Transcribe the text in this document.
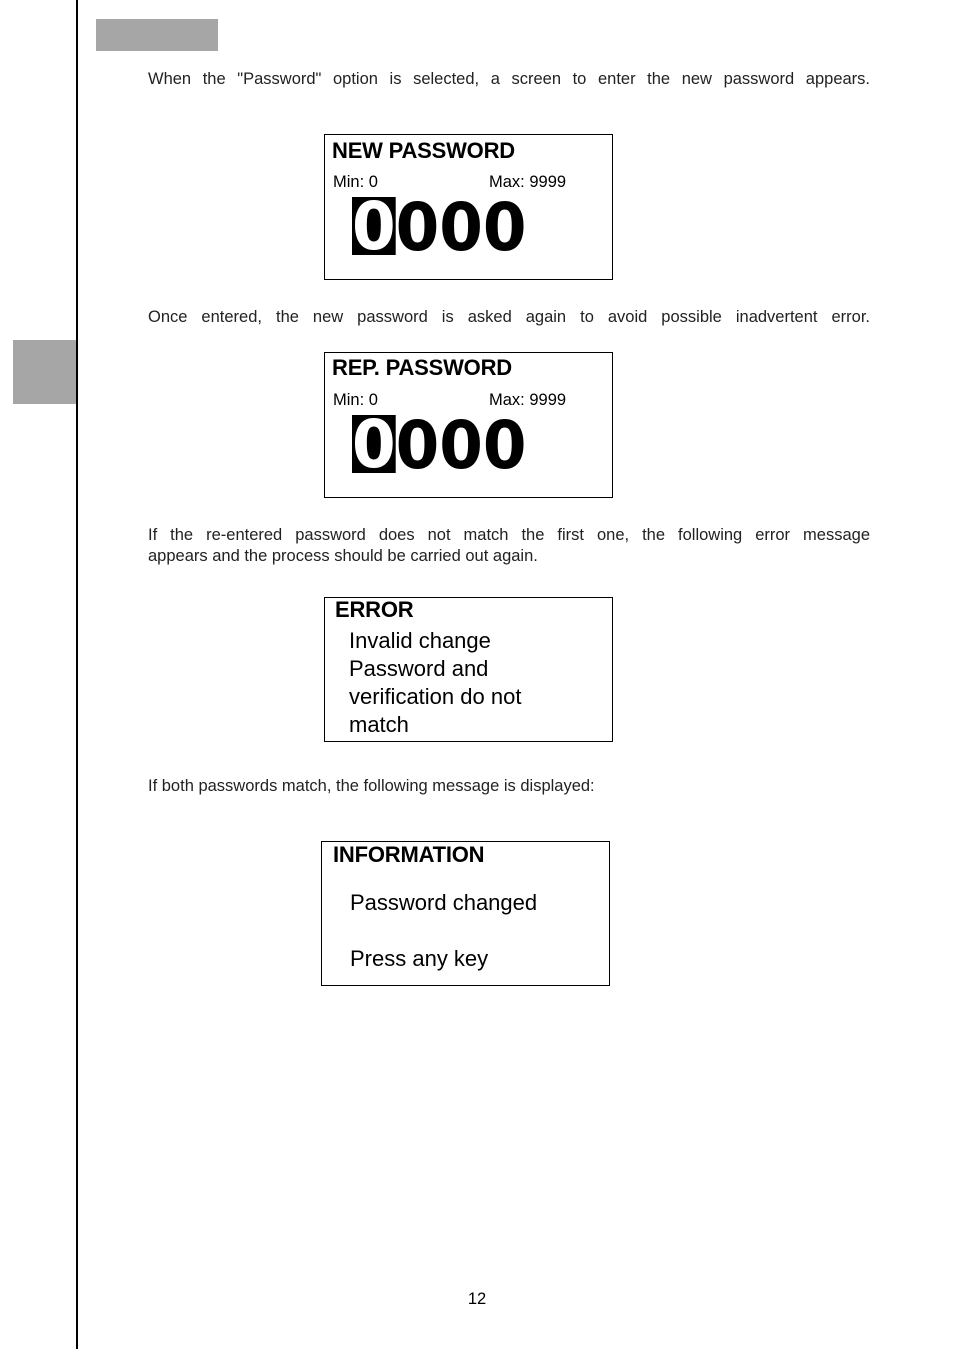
When the "Password" option is selected, a screen to enter the new password appears.

NEW PASSWORD
Min: 0	Max: 9999
0000

Once entered, the new password is asked again to avoid possible inadvertent error.

REP. PASSWORD
Min: 0	Max: 9999
0000

If the re-entered password does not match the first one, the following error message

appears and the process should be carried out again.

ERROR
Invalid change
Password and
verification do not
match

If both passwords match, the following message is displayed:

INFORMATION
Password changed
Press any key
12
